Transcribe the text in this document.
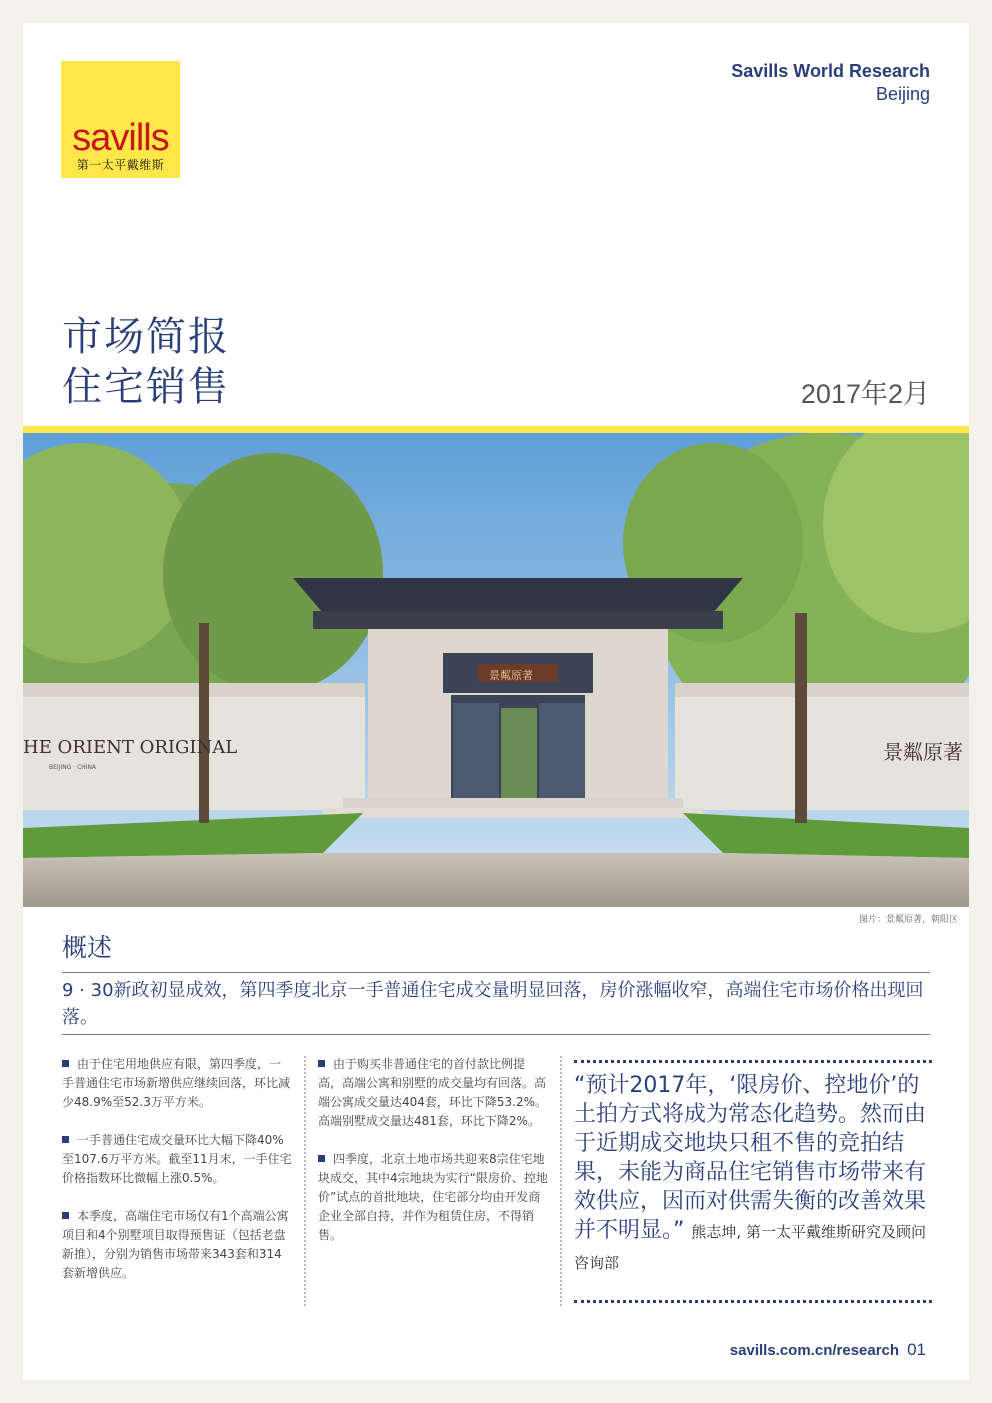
savills
第一太平戴维斯
Savills World Research
Beijing
市场简报
住宅销售	2017年2月
HE ORIENT ORIGINAL
BEIJING · CHINA
景粼原著
景粼原著
图片：景粼原著，朝阳区
概述
9 · 30新政初显成效，第四季度北京一手普通住宅成交量明显回落，房价涨幅收窄，高端住宅市场价格出现回落。

由于住宅用地供应有限，第四季度，一手普通住宅市场新增供应继续回落，环比减少48.9%至52.3万平方米。

一手普通住宅成交量环比大幅下降40%至107.6万平方米。截至11月末，一手住宅价格指数环比微幅上涨0.5%。

本季度，高端住宅市场仅有1个高端公寓项目和4个别墅项目取得预售证（包括老盘新推），分别为销售市场带来343套和314套新增供应。

由于购买非普通住宅的首付款比例提高，高端公寓和别墅的成交量均有回落。高端公寓成交量达404套，环比下降53.2%。高端别墅成交量达481套，环比下降2%。

四季度，北京土地市场共迎来8宗住宅地块成交，其中4宗地块为实行“限房价、控地价”试点的首批地块，住宅部分均由开发商企业全部自持，并作为租赁住房，不得销售。

“预计2017年，‘限房价、控地价’的土拍方式将成为常态化趋势。然而由于近期成交地块只租不售的竞拍结果，未能为商品住宅销售市场带来有效供应，因而对供需失衡的改善效果并不明显。” 熊志坤, 第一太平戴维斯研究及顾问咨询部
savills.com.cn/research 01
